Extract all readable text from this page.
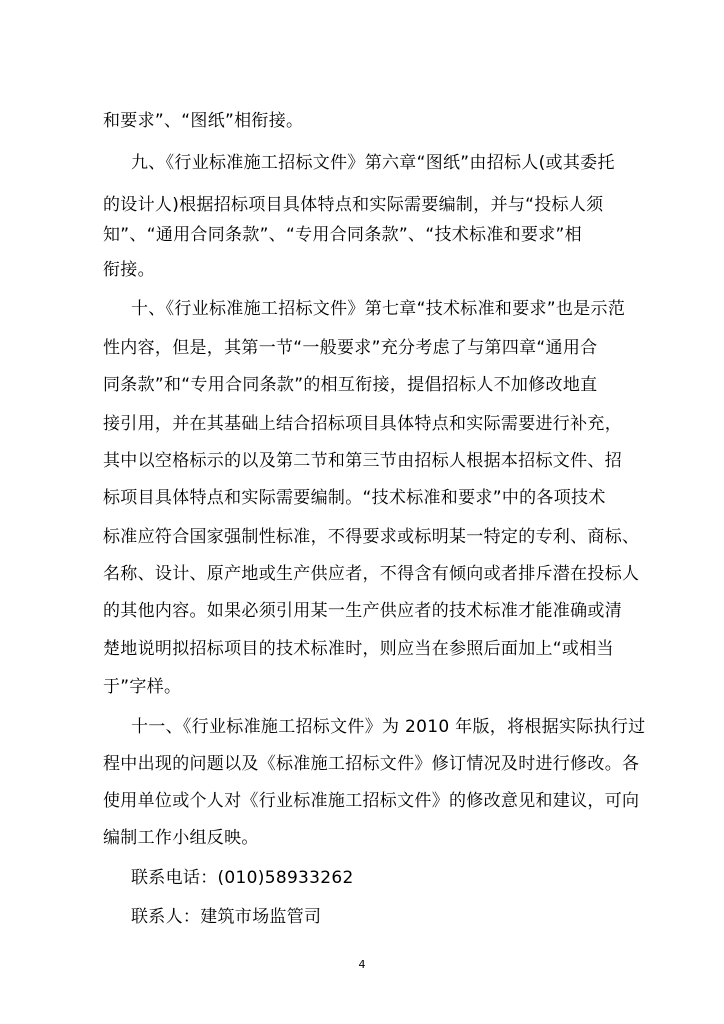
和要求”、“图纸”相衔接。
九、《行业标准施工招标文件》第六章“图纸”由招标人(或其委托
的设计人)根据招标项目具体特点和实际需要编制，并与“投标人须
知”、“通用合同条款”、“专用合同条款”、“技术标准和要求”相
衔接。
十、《行业标准施工招标文件》第七章“技术标准和要求”也是示范
性内容，但是，其第一节“一般要求”充分考虑了与第四章“通用合
同条款”和“专用合同条款”的相互衔接，提倡招标人不加修改地直
接引用，并在其基础上结合招标项目具体特点和实际需要进行补充，
其中以空格标示的以及第二节和第三节由招标人根据本招标文件、招
标项目具体特点和实际需要编制。“技术标准和要求”中的各项技术
标准应符合国家强制性标准，不得要求或标明某一特定的专利、商标、
名称、设计、原产地或生产供应者，不得含有倾向或者排斥潜在投标人
的其他内容。如果必须引用某一生产供应者的技术标准才能准确或清
楚地说明拟招标项目的技术标准时，则应当在参照后面加上“或相当
于”字样。
十一、《行业标准施工招标文件》为 2010 年版，将根据实际执行过
程中出现的问题以及《标准施工招标文件》修订情况及时进行修改。各
使用单位或个人对《行业标准施工招标文件》的修改意见和建议，可向
编制工作小组反映。
联系电话：(010)58933262
联系人：建筑市场监管司
4
